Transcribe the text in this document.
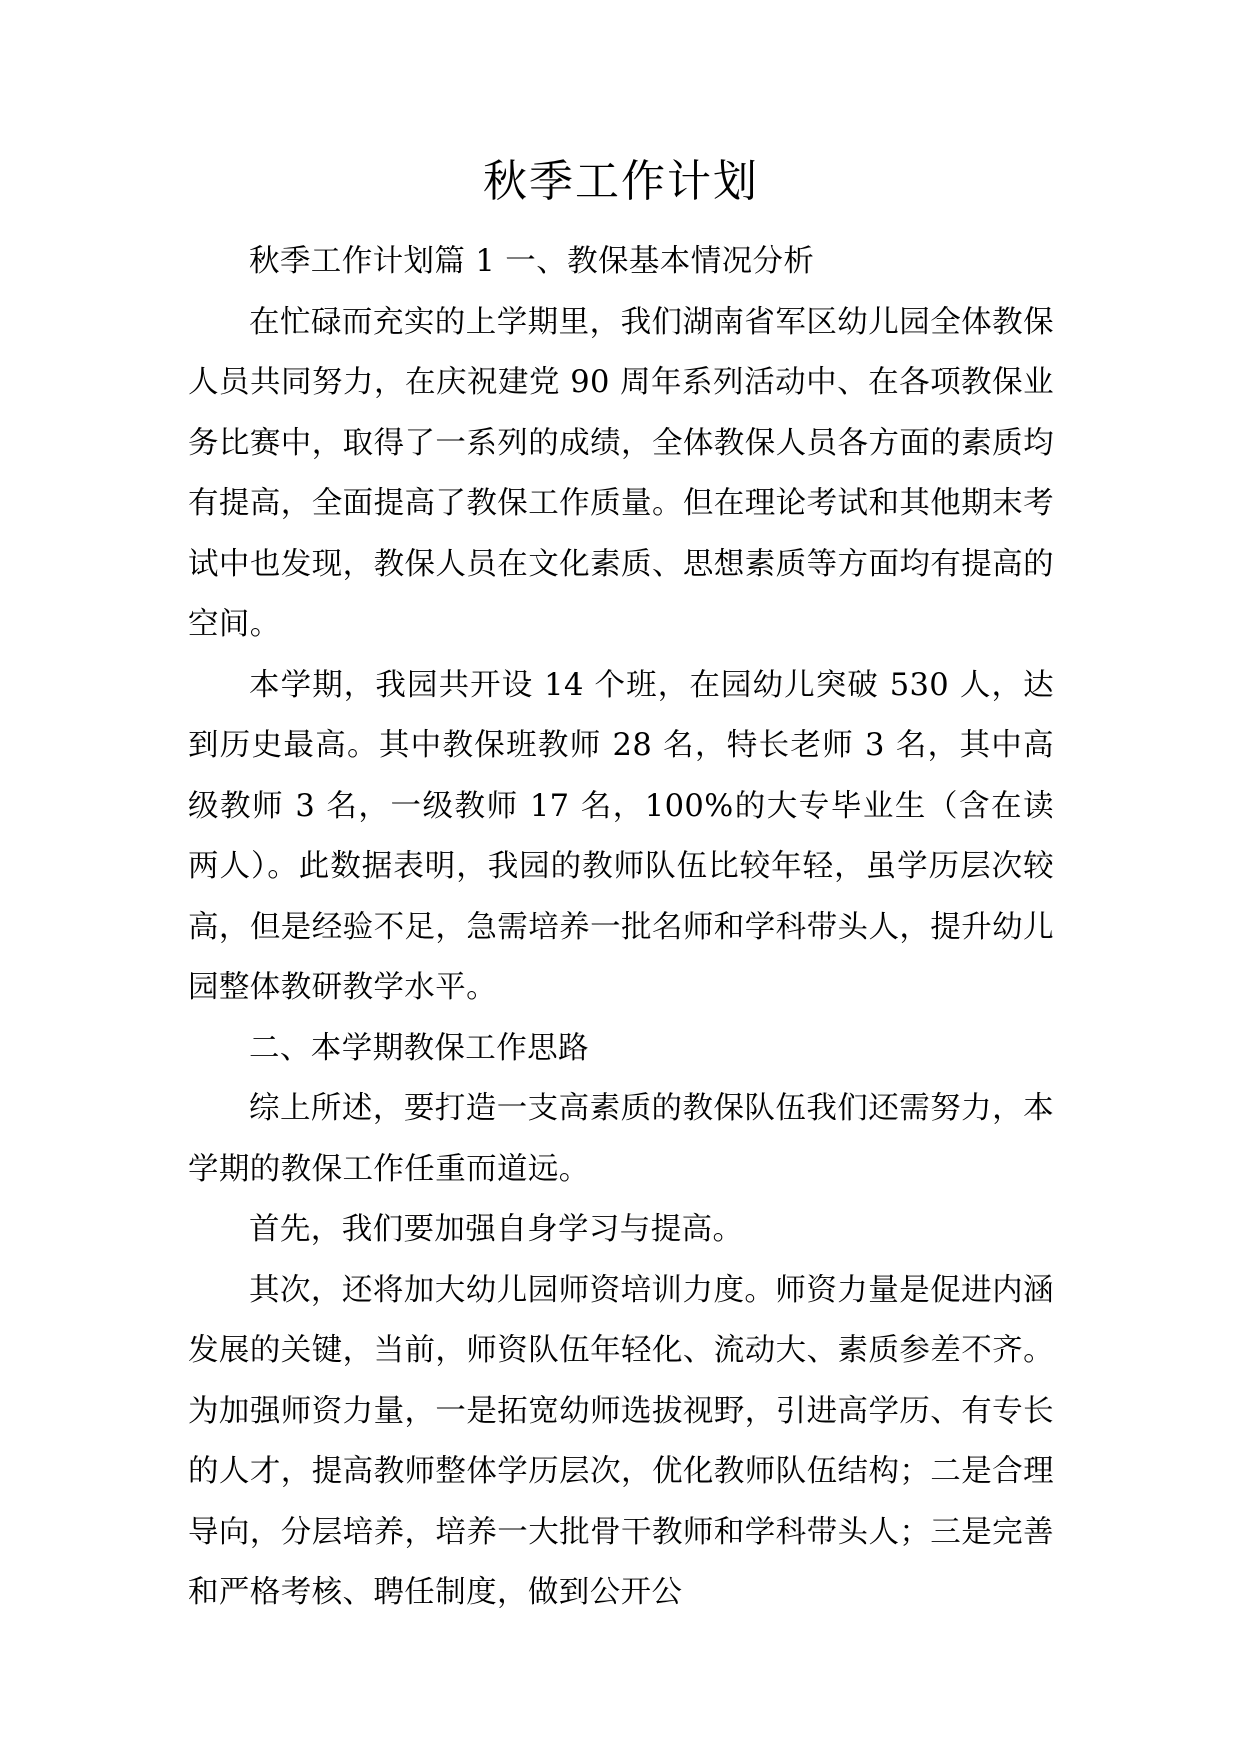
秋季工作计划

秋季工作计划篇 1 一、教保基本情况分析

在忙碌而充实的上学期里，我们湖南省军区幼儿园全体教保人员共同努力，在庆祝建党 90 周年系列活动中、在各项教保业务比赛中，取得了一系列的成绩，全体教保人员各方面的素质均有提高，全面提高了教保工作质量。但在理论考试和其他期末考试中也发现，教保人员在文化素质、思想素质等方面均有提高的空间。

本学期，我园共开设 14 个班，在园幼儿突破 530 人，达到历史最高。其中教保班教师 28 名，特长老师 3 名，其中高级教师 3 名，一级教师 17 名，100%的大专毕业生（含在读两人）。此数据表明，我园的教师队伍比较年轻，虽学历层次较高，但是经验不足，急需培养一批名师和学科带头人，提升幼儿园整体教研教学水平。

二、本学期教保工作思路

综上所述，要打造一支高素质的教保队伍我们还需努力，本学期的教保工作任重而道远。

首先，我们要加强自身学习与提高。

其次，还将加大幼儿园师资培训力度。师资力量是促进内涵发展的关键，当前，师资队伍年轻化、流动大、素质参差不齐。为加强师资力量，一是拓宽幼师选拔视野，引进高学历、有专长的人才，提高教师整体学历层次，优化教师队伍结构；二是合理导向，分层培养，培养一大批骨干教师和学科带头人；三是完善和严格考核、聘任制度，做到公开公
